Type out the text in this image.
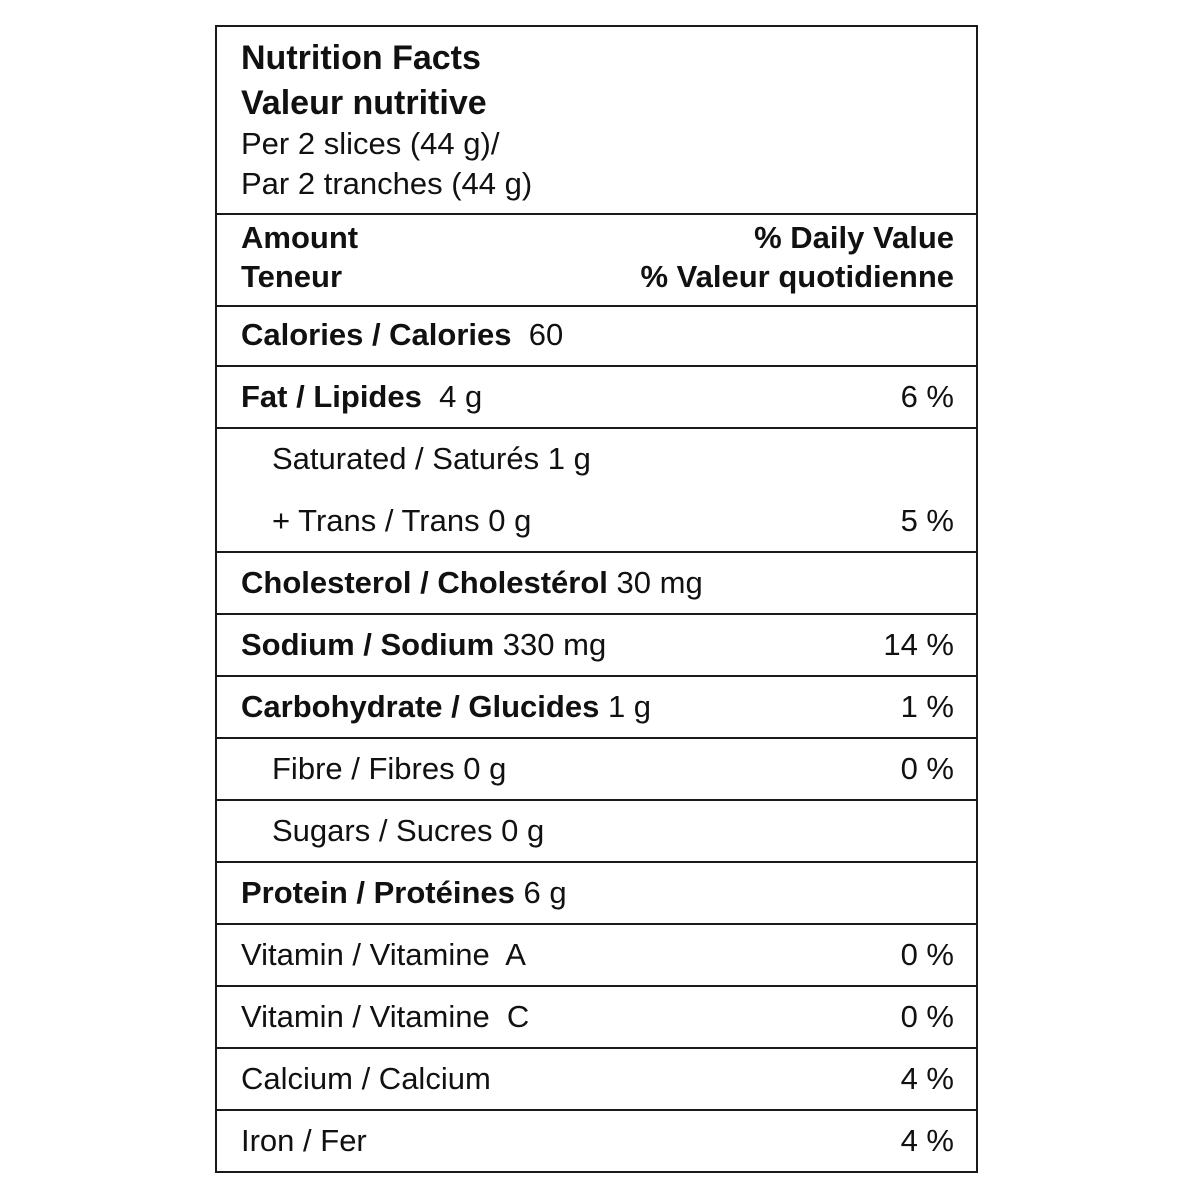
Nutrition Facts
Valeur nutritive
Per 2 slices (44 g)/
Par 2 tranches (44 g)
Amount
Teneur
% Daily Value
% Valeur quotidienne
Calories / Calories 60
Fat / Lipides 4 g	6 %
Saturated / Saturés 1 g
+ Trans / Trans 0 g	5 %
Cholesterol / Cholestérol 30 mg
Sodium / Sodium 330 mg	14 %
Carbohydrate / Glucides 1 g	1 %
Fibre / Fibres 0 g	0 %
Sugars / Sucres 0 g
Protein / Protéines 6 g
Vitamin / Vitamine  A	0 %
Vitamin / Vitamine  C	0 %
Calcium / Calcium	4 %
Iron / Fer	4 %
